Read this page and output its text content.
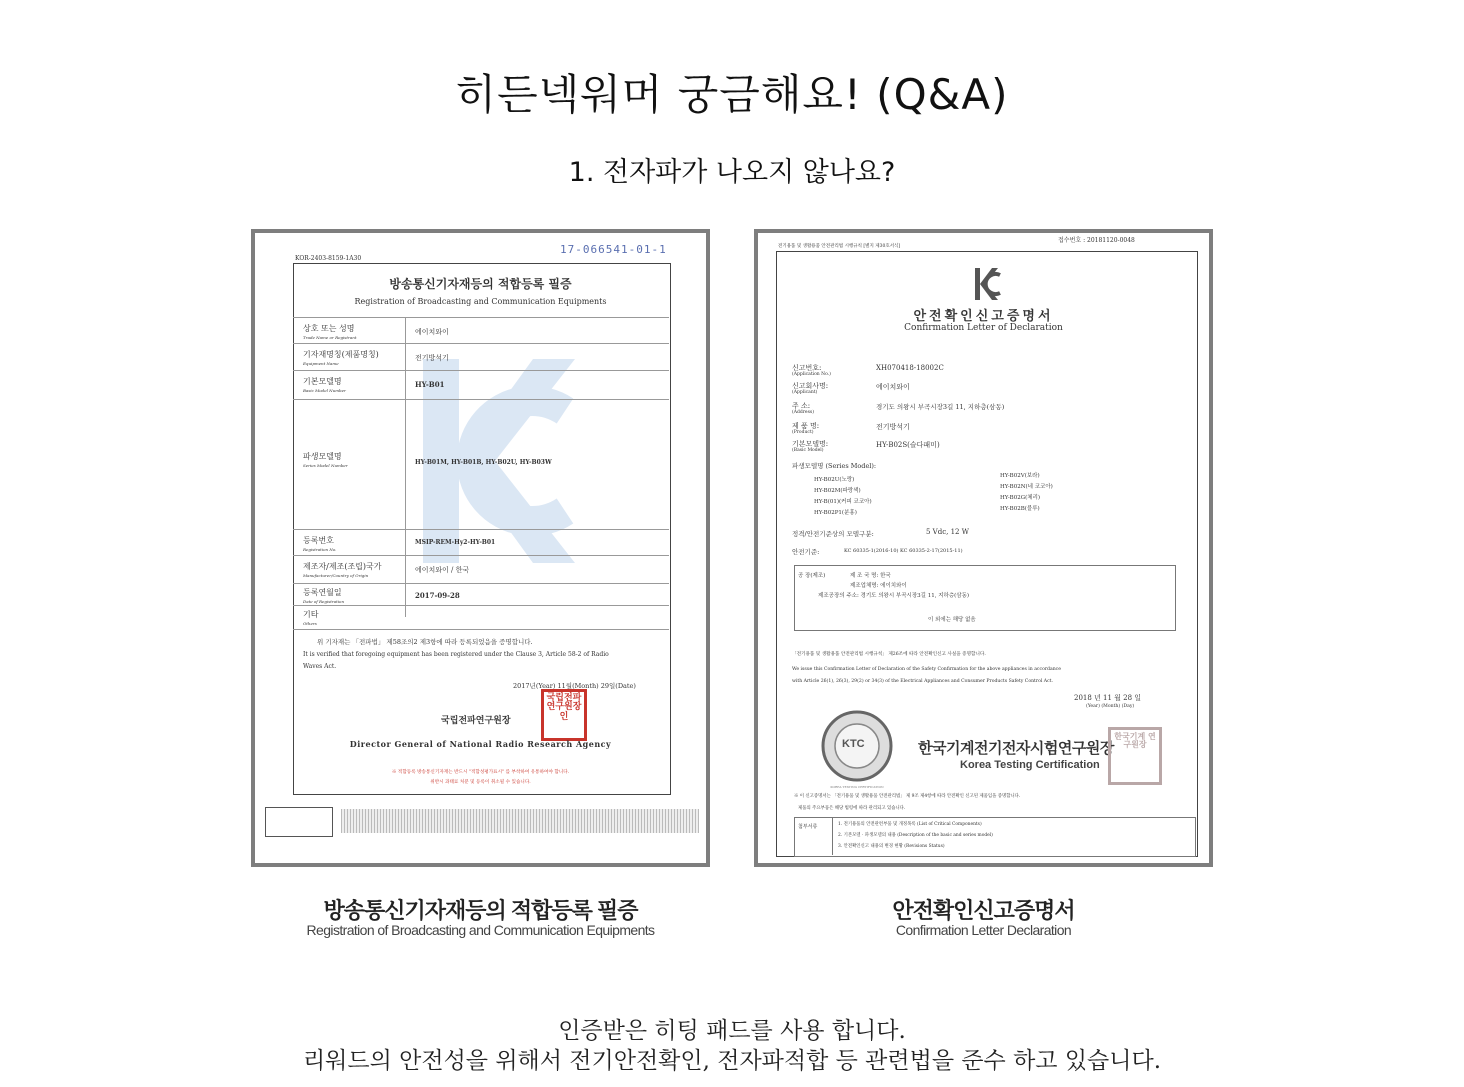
히든넥워머 궁금해요! (Q&A)
1. 전자파가 나오지 않나요?
KOR-2403-8159-1A30
17-066541-01-1
방송통신기자재등의 적합등록 필증
Registration of Broadcasting and Communication Equipments
상호 또는 성명
Trade Name or Registrant
에이치와이
기자재명칭(제품명칭)
Equipment Name
전기방석기
기본모델명
Basic Model Number
HY-B01
파생모델명
Series Model Number	HY-B01M, HY-B01B, HY-B02U, HY-B03W
등록번호
Registration No.
MSIP-REM-Hy2-HY-B01
제조자/제조(조립)국가
Manufacturer/Country of Origin
에이치와이 / 한국
등록연월일
Date of Registration
2017-09-28
기타
Others
위 기자재는 「전파법」 제58조의2 제3항에 따라 등록되었음을 증명합니다.
It is verified that foregoing equipment has been registered under the Clause 3, Article 58-2 of Radio
Waves Act.
2017년(Year) 11월(Month) 29일(Date)
국립전파연구원장
국립전파연구원장인
Director General of National Radio Research Agency
※ 적합등록 방송통신기자재는 반드시 "적합성평가표시" 를 부착하여 유통하여야 합니다.
위반시 과태료 처분 및 등록이 취소될 수 있습니다.
전기용품 및 생활용품 안전관리법 시행규칙 [별지 제30호서식]
접수번호 : 20181120-0048
안전확인신고증명서
Confirmation Letter of Declaration
신고번호:
(Application No.)
XH070418-18002C
신고회사명:
(Applicant)
에이치와이
주 소:
(Address)
경기도 의왕시 부곡시장3길 11, 지하층(삼동)
제 품 명:
(Product)
전기방석기
기본모델명:
(Basic Model)
HY-B02S(슬다패미)
파생모델명 (Series Model):
HY-B02U(노랑)
HY-B02M(파랑색)
HY-B(01)(커피 코코아)
HY-B02P1(분홍)
HY-B02V(보라)
HY-B02N(네 코코아)
HY-B02G(체리)
HY-B02B(블루)
정격/안전기준상의 모델구분:	5 Vdc, 12 W
안전기준:	KC 60335-1(2016-10) KC 60335-2-17(2015-11)
공 장(제조)	제 조 국 명: 한국
제조업체명: 에이치와이
제조공장의 주소: 경기도 의왕시 부곡시장3길 11, 지하층(삼동)
이 외에는 해당 없음
「전기용품 및 생활용품 안전관리법 시행규칙」 제26조에 따라 안전확인신고 사실을 증명합니다.
We issue this Confirmation Letter of Declaration of the Safety Confirmation for the above appliances in accordance
with Article 26(1), 26(3), 29(2) or 34(3) of the Electrical Appliances and Consumer Products Safety Control Act.
2018 년 11 월 28 일
(Year) (Month) (Day)
KTC
KOREA TESTING CERTIFICATION
한국기계전기전자시험연구원장
Korea Testing Certification
한국기계 연구원장
※ 이 신고증명서는 「전기용품 및 생활용품 안전관리법」 제 9조 제4항에 따라 안전확인 신고된 제품임을 증명합니다.
제품의 주요부품은 해당 법령에 따라 관리되고 있습니다.
첨부서류	1. 전기용품의 안전관련부품 및 개정목록 (List of Critical Components)
2. 기본모델 · 파생모델의 내용 (Description of the basic and series model)
3. 안전확인신고 내용의 변경 현황 (Revisions Status)
방송통신기자재등의 적합등록 필증
Registration of Broadcasting and Communication Equipments
안전확인신고증명서
Confirmation Letter Declaration
인증받은 히팅 패드를 사용 합니다.
리워드의 안전성을 위해서 전기안전확인, 전자파적합 등 관련법을 준수 하고 있습니다.
